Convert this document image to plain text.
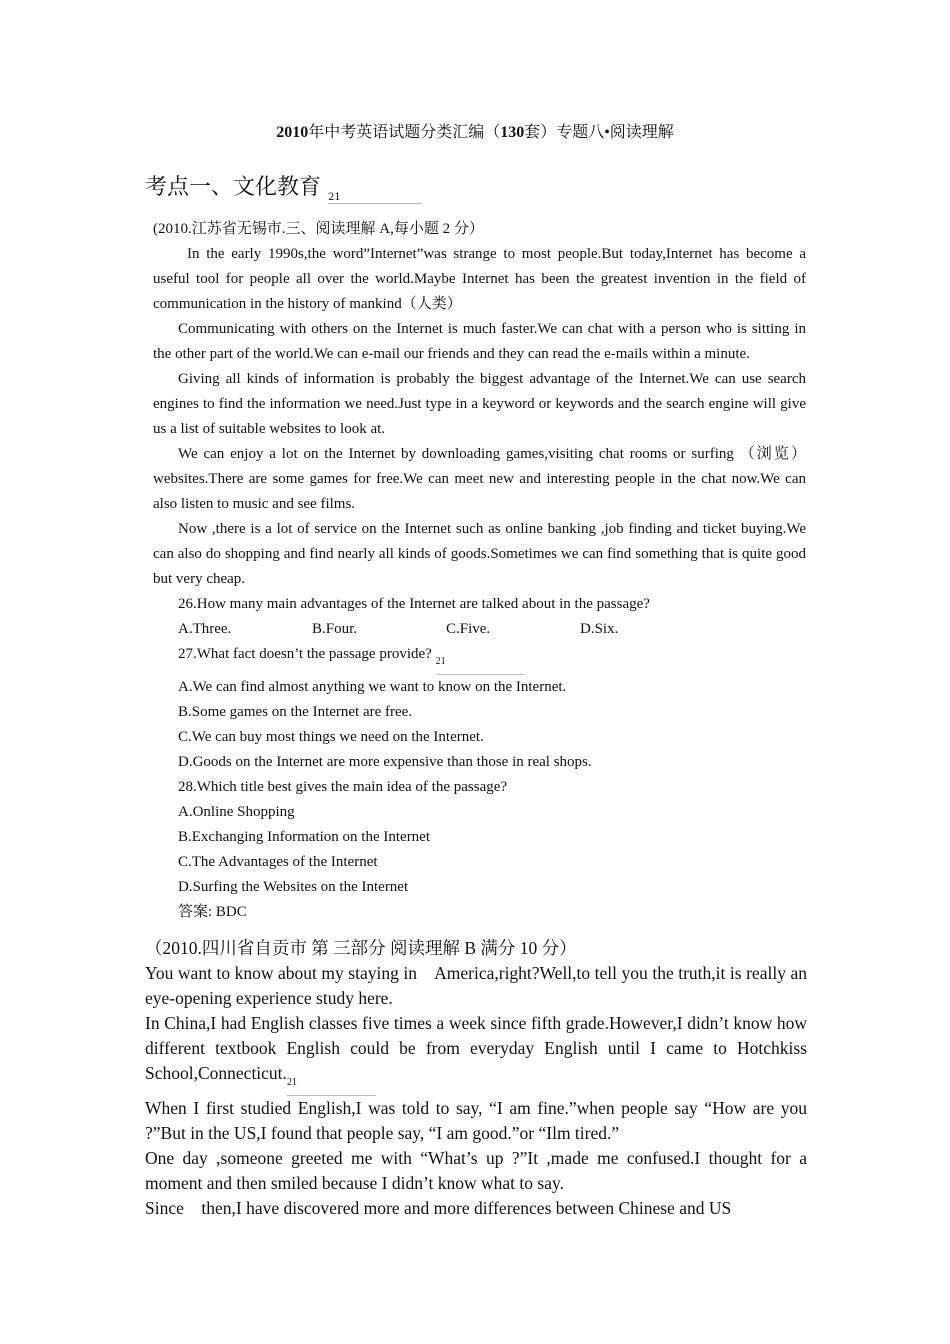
2010年中考英语试题分类汇编（130套）专题八•阅读理解
考点一、文化教育 21

(2010.江苏省无锡市.三、阅读理解 A,每小题 2 分）

In the early 1990s,the word”Internet”was strange to most people.But today,Internet has become a useful tool for people all over the world.Maybe Internet has been the greatest invention in the field of communication in the history of mankind（人类）

Communicating with others on the Internet is much faster.We can chat with a person who is sitting in the other part of the world.We can e-mail our friends and they can read the e-mails within a minute.

Giving all kinds of information is probably the biggest advantage of the Internet.We can use search engines to find the information we need.Just type in a keyword or keywords and the search engine will give us a list of suitable websites to look at.

We can enjoy a lot on the Internet by downloading games,visiting chat rooms or surfing （浏览）websites.There are some games for free.We can meet new and interesting people in the chat now.We can also listen to music and see films.

Now ,there is a lot of service on the Internet such as online banking ,job finding and ticket buying.We can also do shopping and find nearly all kinds of goods.Sometimes we can find something that is quite good but very cheap.

26.How many main advantages of the Internet are talked about in the passage?

A.Three.	B.Four.	C.Five.	D.Six.

27.What fact doesn’t the passage provide? 21

A.We can find almost anything we want to know on the Internet.

B.Some games on the Internet are free.

C.We can buy most things we need on the Internet.

D.Goods on the Internet are more expensive than those in real shops.

28.Which title best gives the main idea of the passage?

A.Online Shopping

B.Exchanging Information on the Internet

C.The Advantages of the Internet

D.Surfing the Websites on the Internet

答案: BDC

（2010.四川省自贡市 第 三部分 阅读理解 B 满分 10 分）

You want to know about my staying in    America,right?Well,to tell you the truth,it is really an eye-opening experience study here.

In China,I had English classes five times a week since fifth grade.However,I didn’t know how different textbook English could be from everyday English until I came to Hotchkiss School,Connecticut.21

When I first studied English,I was told to say, “I am fine.”when people say “How are you ?”But in the US,I found that people say, “I am good.”or “Ilm tired.”

One day ,someone greeted me with “What’s up ?”It ,made me confused.I thought for a moment and then smiled because I didn’t know what to say.

Since    then,I have discovered more and more differences between Chinese and US
